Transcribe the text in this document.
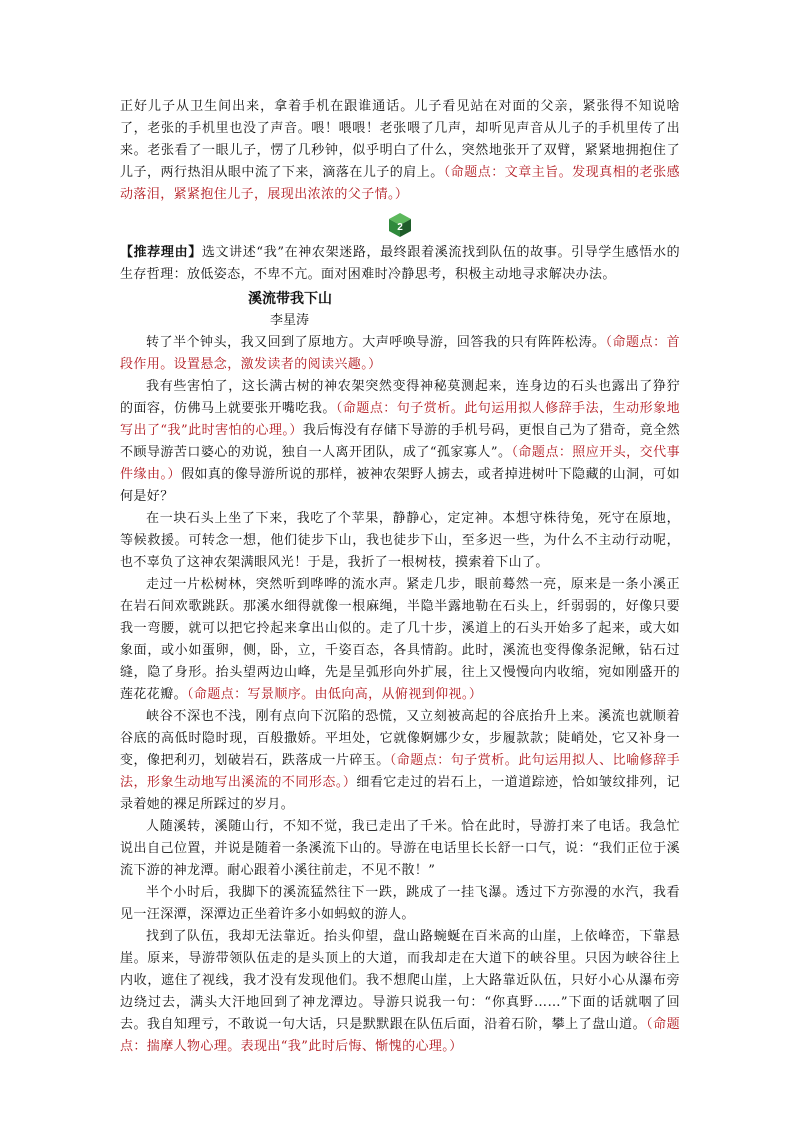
正好儿子从卫生间出来，拿着手机在跟谁通话。儿子看见站在对面的父亲，紧张得不知说啥了，老张的手机里也没了声音。喂！喂喂！老张喂了几声，却听见声音从儿子的手机里传了出来。老张看了一眼儿子，愣了几秒钟，似乎明白了什么，突然地张开了双臂，紧紧地拥抱住了儿子，两行热泪从眼中流了下来，滴落在儿子的肩上。（命题点：文章主旨。发现真相的老张感动落泪，紧紧抱住儿子，展现出浓浓的父子情。）

2

【推荐理由】选文讲述“我”在神农架迷路，最终跟着溪流找到队伍的故事。引导学生感悟水的生存哲理：放低姿态，不卑不亢。面对困难时冷静思考，积极主动地寻求解决办法。

溪流带我下山
李星涛

转了半个钟头，我又回到了原地方。大声呼唤导游，回答我的只有阵阵松涛。（命题点：首段作用。设置悬念，激发读者的阅读兴趣。）

我有些害怕了，这长满古树的神农架突然变得神秘莫测起来，连身边的石头也露出了狰狞的面容，仿佛马上就要张开嘴吃我。（命题点：句子赏析。此句运用拟人修辞手法，生动形象地写出了“我”此时害怕的心理。）我后悔没有存储下导游的手机号码，更恨自己为了猎奇，竟全然不顾导游苦口婆心的劝说，独自一人离开团队，成了“孤家寡人”。（命题点：照应开头，交代事件缘由。）假如真的像导游所说的那样，被神农架野人掳去，或者掉进树叶下隐藏的山洞，可如何是好？

在一块石头上坐了下来，我吃了个苹果，静静心，定定神。本想守株待兔，死守在原地，等候救援。可转念一想，他们徒步下山，我也徒步下山，至多迟一些，为什么不主动行动呢，也不辜负了这神农架满眼风光！于是，我折了一根树枝，摸索着下山了。

走过一片松树林，突然听到哗哗的流水声。紧走几步，眼前蓦然一亮，原来是一条小溪正在岩石间欢歌跳跃。那溪水细得就像一根麻绳，半隐半露地勒在石头上，纤弱弱的，好像只要我一弯腰，就可以把它拎起来拿出山似的。走了几十步，溪道上的石头开始多了起来，或大如象面，或小如蛋卵，侧，卧，立，千姿百态，各具情韵。此时，溪流也变得像条泥鳅，钻石过缝，隐了身形。抬头望两边山峰，先是呈弧形向外扩展，往上又慢慢向内收缩，宛如刚盛开的莲花花瓣。（命题点：写景顺序。由低向高，从俯视到仰视。）

峡谷不深也不浅，刚有点向下沉陷的恐慌，又立刻被高起的谷底抬升上来。溪流也就顺着谷底的高低时隐时现，百般撒娇。平坦处，它就像婀娜少女，步履款款；陡峭处，它又补身一变，像把利刃，划破岩石，跌落成一片碎玉。（命题点：句子赏析。此句运用拟人、比喻修辞手法，形象生动地写出溪流的不同形态。）细看它走过的岩石上，一道道踪迹，恰如皱纹排列，记录着她的裸足所踩过的岁月。

人随溪转，溪随山行，不知不觉，我已走出了千米。恰在此时，导游打来了电话。我急忙说出自己位置，并说是随着一条溪流下山的。导游在电话里长长舒一口气，说：“我们正位于溪流下游的神龙潭。耐心跟着小溪往前走，不见不散！”

半个小时后，我脚下的溪流猛然往下一跌，跳成了一挂飞瀑。透过下方弥漫的水汽，我看见一汪深潭，深潭边正坐着许多小如蚂蚁的游人。

找到了队伍，我却无法靠近。抬头仰望，盘山路蜿蜒在百米高的山崖，上依峰峦，下靠悬崖。原来，导游带领队伍走的是头顶上的大道，而我却走在大道下的峡谷里。只因为峡谷往上内收，遮住了视线，我才没有发现他们。我不想爬山崖，上大路靠近队伍，只好小心从瀑布旁边绕过去，满头大汗地回到了神龙潭边。导游只说我一句：“你真野……”下面的话就咽了回去。我自知理亏，不敢说一句大话，只是默默跟在队伍后面，沿着石阶，攀上了盘山道。（命题点：揣摩人物心理。表现出“我”此时后悔、惭愧的心理。）
